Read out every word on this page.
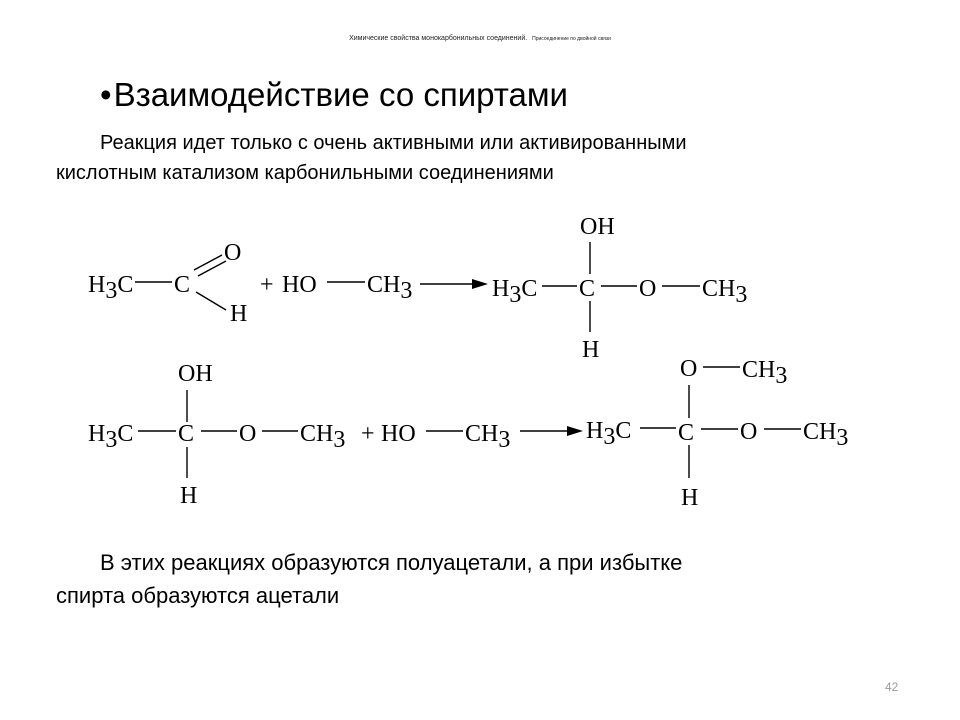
Химические свойства монокарбонильных соединений. Присоединение по двойной связи
•Взаимодействие со спиртами
Реакция идет только с очень активными или активированными
кислотным катализом карбонильными соединениями
H3C C
O
H
+ HO CH3
OH
H3C C O CH3
H
OH
H3C C O CH3
H
+ HO CH3
O CH3
H3C C O CH3
H
В этих реакциях образуются полуацетали, а при избытке
спирта образуются ацетали
42
